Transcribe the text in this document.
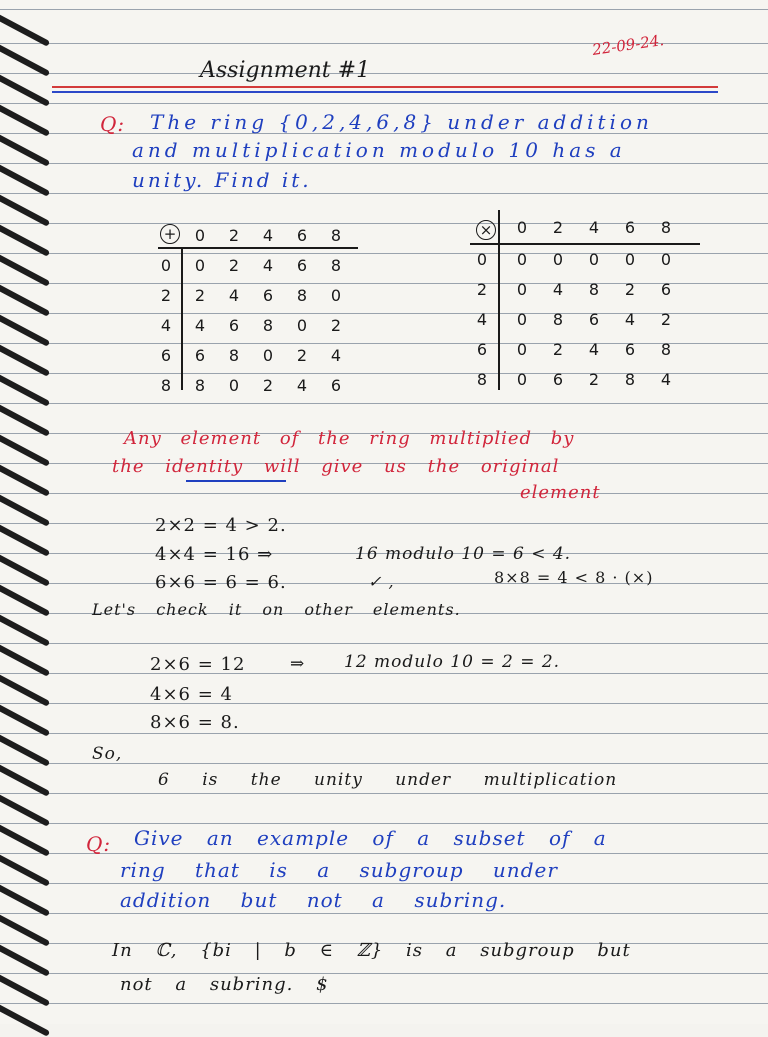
Assignment #1
22-09-24.
Q: The ring {0,2,4,6,8} under addition
and multiplication modulo 10 has a
unity. Find it.
+	0	2	4	6	8
0	0	2	4	6	8
2	2	4	6	8	0
4	4	6	8	0	2
6	6	8	0	2	4
8	8	0	2	4	6
×	0	2	4	6	8
0	0	0	0	0	0
2	0	4	8	2	6
4	0	8	6	4	2
6	0	2	4	6	8
8	0	6	2	8	4
Any element of the ring multiplied by
the identity will give us the original
element
2×2 = 4 > 2.
4×4 = 16 ⇒	16 modulo 10 = 6 < 4.
6×6 = 6 = 6.	✓ ,	8×8 = 4 < 8 · (×)
Let's check it on other elements.
2×6 = 12	⇒ 12 modulo 10 = 2 = 2.
4×6 = 4
8×6 = 8.
So,
6 is the unity under multiplication
Q: Give an example of a subset of a
ring that is a subgroup under
addition but not a subring.
In ℂ, {bi | b ∈ ℤ} is a subgroup but
not a subring. $
